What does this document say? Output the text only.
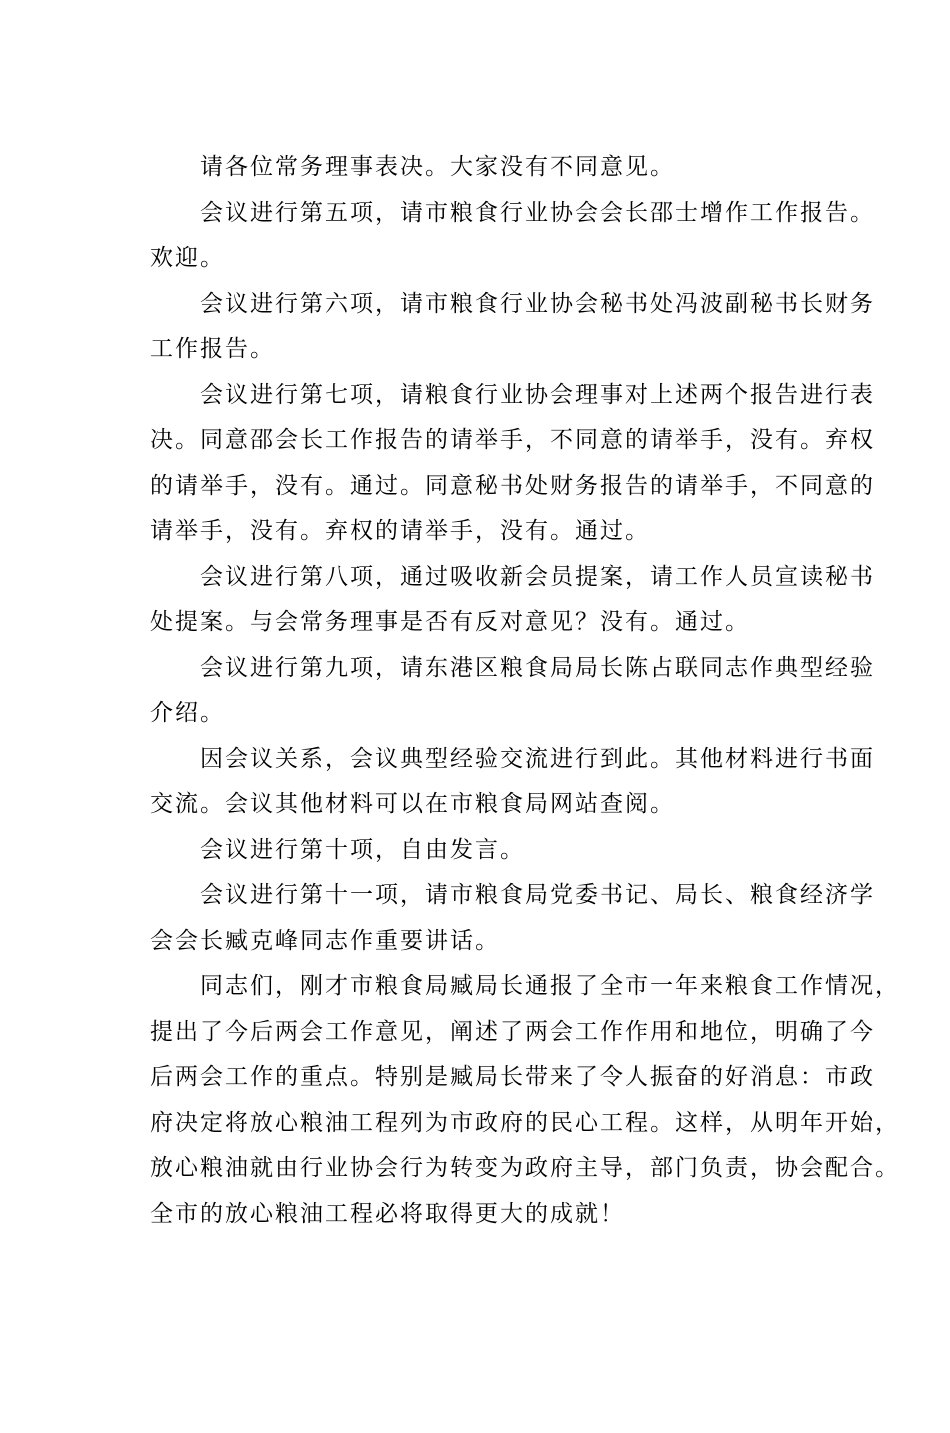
请各位常务理事表决。大家没有不同意见。

会议进行第五项，请市粮食行业协会会长邵士增作工作报告。
欢迎。

会议进行第六项，请市粮食行业协会秘书处冯波副秘书长财务
工作报告。

会议进行第七项，请粮食行业协会理事对上述两个报告进行表
决。同意邵会长工作报告的请举手，不同意的请举手，没有。弃权
的请举手，没有。通过。同意秘书处财务报告的请举手，不同意的
请举手，没有。弃权的请举手，没有。通过。

会议进行第八项，通过吸收新会员提案，请工作人员宣读秘书
处提案。与会常务理事是否有反对意见？没有。通过。

会议进行第九项，请东港区粮食局局长陈占联同志作典型经验
介绍。

因会议关系，会议典型经验交流进行到此。其他材料进行书面
交流。会议其他材料可以在市粮食局网站查阅。

会议进行第十项，自由发言。

会议进行第十一项，请市粮食局党委书记、局长、粮食经济学
会会长臧克峰同志作重要讲话。

同志们，刚才市粮食局臧局长通报了全市一年来粮食工作情况，
提出了今后两会工作意见，阐述了两会工作作用和地位，明确了今
后两会工作的重点。特别是臧局长带来了令人振奋的好消息：市政
府决定将放心粮油工程列为市政府的民心工程。这样，从明年开始，
放心粮油就由行业协会行为转变为政府主导，部门负责，协会配合。
全市的放心粮油工程必将取得更大的成就！
